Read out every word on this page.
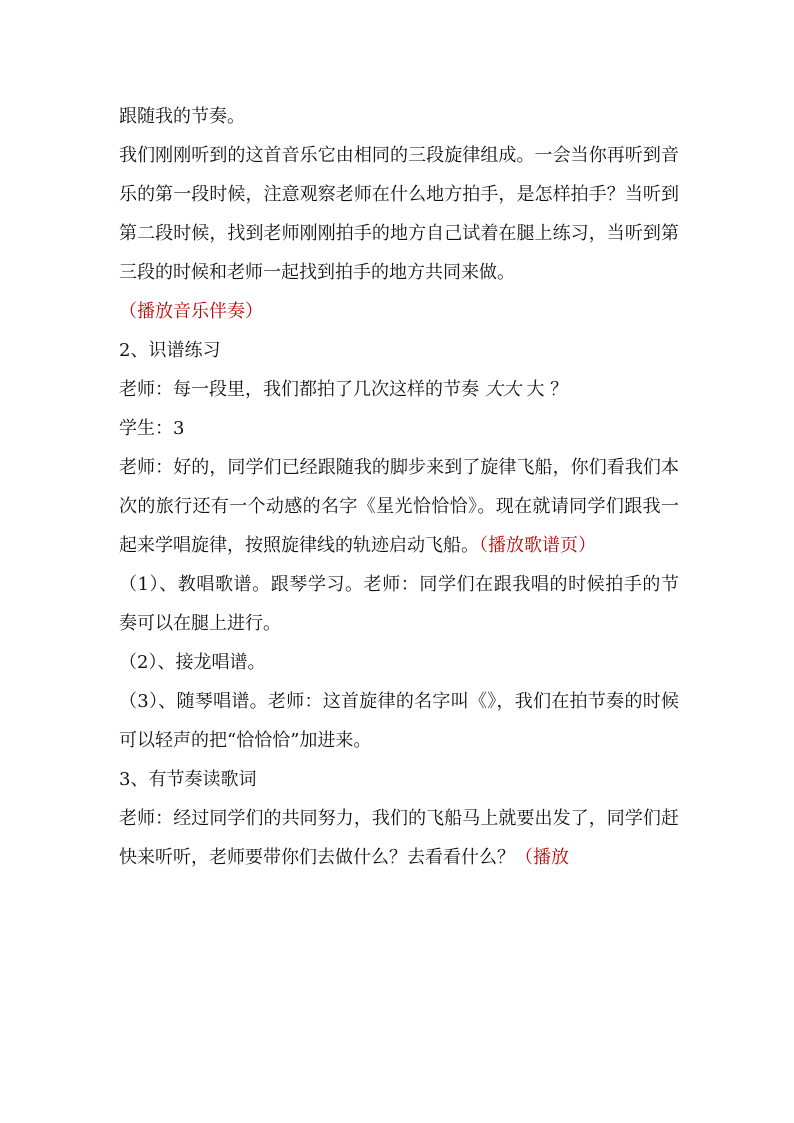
跟随我的节奏。

我们刚刚听到的这首音乐它由相同的三段旋律组成。一会当你再听到音乐的第一段时候，注意观察老师在什么地方拍手，是怎样拍手？当听到第二段时候，找到老师刚刚拍手的地方自己试着在腿上练习，当听到第三段的时候和老师一起找到拍手的地方共同来做。

（播放音乐伴奏）

2、识谱练习

老师：每一段里，我们都拍了几次这样的节奏 大大 大 ？

学生：3

老师：好的，同学们已经跟随我的脚步来到了旋律飞船，你们看我们本次的旅行还有一个动感的名字《星光恰恰恰》。现在就请同学们跟我一起来学唱旋律，按照旋律线的轨迹启动飞船。（播放歌谱页）

（1）、教唱歌谱。跟琴学习。老师：同学们在跟我唱的时候拍手的节奏可以在腿上进行。

（2）、接龙唱谱。

（3）、随琴唱谱。老师：这首旋律的名字叫《》，我们在拍节奏的时候可以轻声的把“恰恰恰”加进来。

3、有节奏读歌词

老师：经过同学们的共同努力，我们的飞船马上就要出发了，同学们赶快来听听，老师要带你们去做什么？去看看什么？（播放
